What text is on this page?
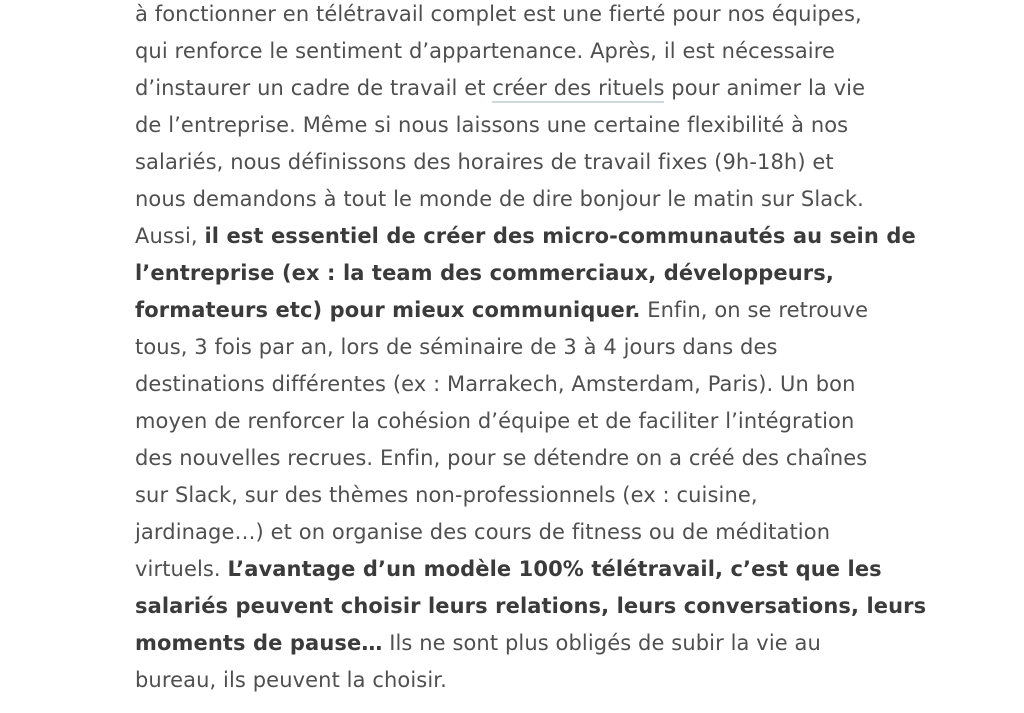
à fonctionner en télétravail complet est une fierté pour nos équipes,
qui renforce le sentiment d’appartenance. Après, il est nécessaire
d’instaurer un cadre de travail et créer des rituels pour animer la vie
de l’entreprise. Même si nous laissons une certaine flexibilité à nos
salariés, nous définissons des horaires de travail fixes (9h-18h) et
nous demandons à tout le monde de dire bonjour le matin sur Slack.
Aussi, il est essentiel de créer des micro-communautés au sein de
l’entreprise (ex : la team des commerciaux, développeurs,
formateurs etc) pour mieux communiquer. Enfin, on se retrouve
tous, 3 fois par an, lors de séminaire de 3 à 4 jours dans des
destinations différentes (ex : Marrakech, Amsterdam, Paris). Un bon
moyen de renforcer la cohésion d’équipe et de faciliter l’intégration
des nouvelles recrues. Enfin, pour se détendre on a créé des chaînes
sur Slack, sur des thèmes non-professionnels (ex : cuisine,
jardinage…) et on organise des cours de fitness ou de méditation
virtuels. L’avantage d’un modèle 100% télétravail, c’est que les
salariés peuvent choisir leurs relations, leurs conversations, leurs
moments de pause… Ils ne sont plus obligés de subir la vie au
bureau, ils peuvent la choisir.
